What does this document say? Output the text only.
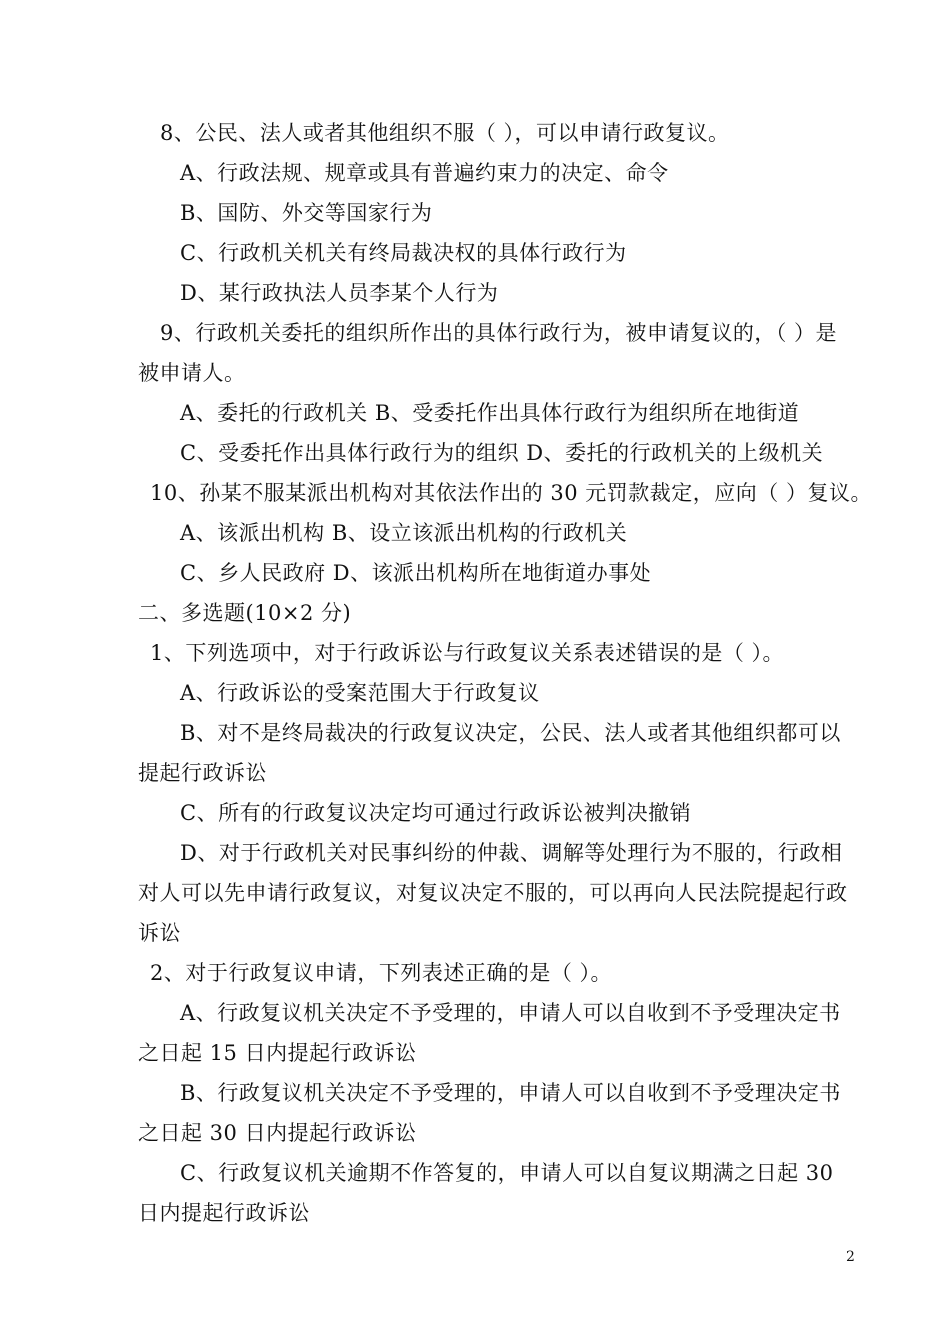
8、公民、法人或者其他组织不服（ ），可以申请行政复议。
A、行政法规、规章或具有普遍约束力的决定、命令
B、国防、外交等国家行为
C、行政机关机关有终局裁决权的具体行政行为
D、某行政执法人员李某个人行为
9、行政机关委托的组织所作出的具体行政行为，被申请复议的，（ ）是被申请人。
A、委托的行政机关 B、受委托作出具体行政行为组织所在地街道
C、受委托作出具体行政行为的组织 D、委托的行政机关的上级机关
10、孙某不服某派出机构对其依法作出的 30 元罚款裁定，应向（ ）复议。
A、该派出机构 B、设立该派出机构的行政机关
C、乡人民政府 D、该派出机构所在地街道办事处
二、多选题(10×2 分)
1、下列选项中，对于行政诉讼与行政复议关系表述错误的是（ ）。
A、行政诉讼的受案范围大于行政复议
B、对不是终局裁决的行政复议决定，公民、法人或者其他组织都可以提起行政诉讼
C、所有的行政复议决定均可通过行政诉讼被判决撤销
D、对于行政机关对民事纠纷的仲裁、调解等处理行为不服的，行政相对人可以先申请行政复议，对复议决定不服的，可以再向人民法院提起行政诉讼
2、对于行政复议申请，下列表述正确的是（ ）。
A、行政复议机关决定不予受理的，申请人可以自收到不予受理决定书之日起 15 日内提起行政诉讼
B、行政复议机关决定不予受理的，申请人可以自收到不予受理决定书之日起 30 日内提起行政诉讼
C、行政复议机关逾期不作答复的，申请人可以自复议期满之日起 30 日内提起行政诉讼
2
